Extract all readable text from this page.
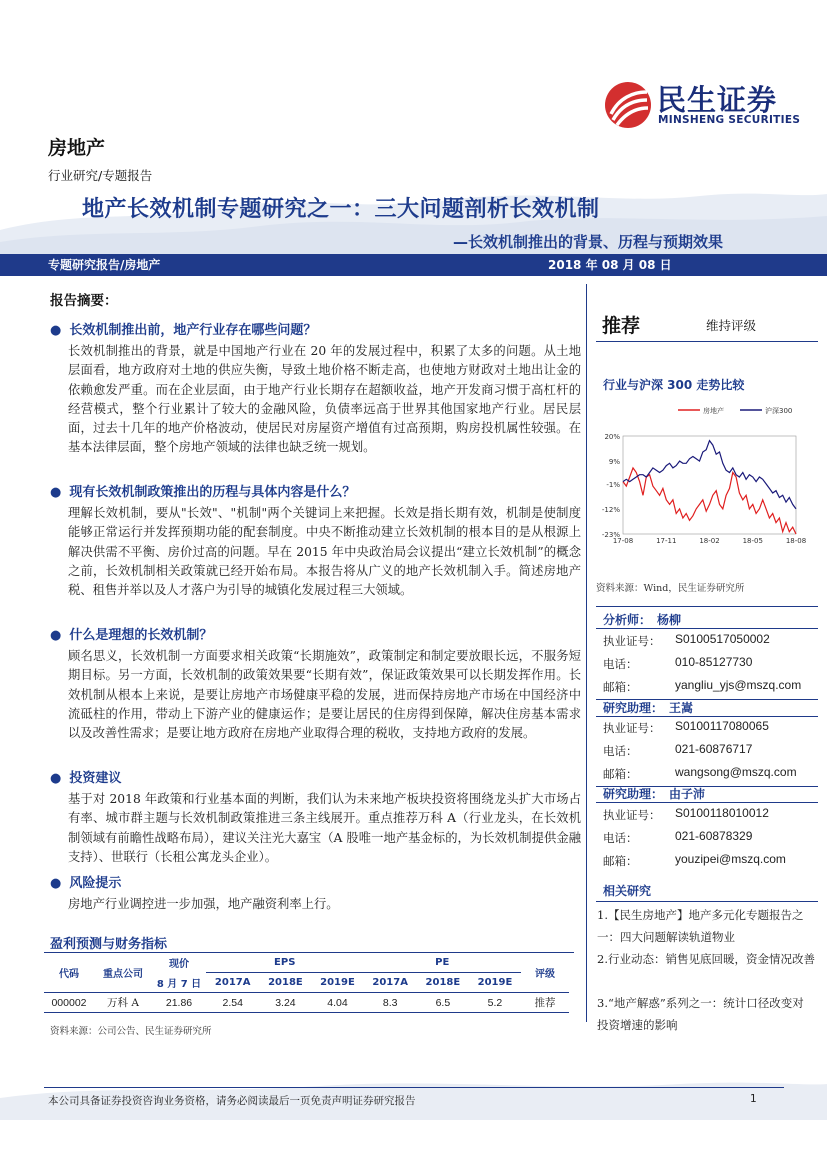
民生证券
MINSHENG SECURITIES
房地产
行业研究/专题报告
地产长效机制专题研究之一：三大问题剖析长效机制
—长效机制推出的背景、历程与预期效果
专题研究报告/房地产	2018 年 08 月 08 日
报告摘要：
● 长效机制推出前，地产行业存在哪些问题？
长效机制推出的背景，就是中国地产行业在 20 年的发展过程中，积累了太多的问题。从土地层面看，地方政府对土地的供应失衡，导致土地价格不断走高，也使地方财政对土地出让金的依赖愈发严重。而在企业层面，由于地产行业长期存在超额收益，地产开发商习惯于高杠杆的经营模式，整个行业累计了较大的金融风险，负债率远高于世界其他国家地产行业。居民层面，过去十几年的地产价格波动，使居民对房屋资产增值有过高预期，购房投机属性较强。在基本法律层面，整个房地产领域的法律也缺乏统一规划。
● 现有长效机制政策推出的历程与具体内容是什么？
理解长效机制，要从"长效"、"机制"两个关键词上来把握。长效是指长期有效，机制是使制度能够正常运行并发挥预期功能的配套制度。中央不断推动建立长效机制的根本目的是从根源上解决供需不平衡、房价过高的问题。早在 2015 年中央政治局会议提出“建立长效机制”的概念之前，长效机制相关政策就已经开始布局。本报告将从广义的地产长效机制入手。简述房地产税、租售并举以及人才落户为引导的城镇化发展过程三大领域。
● 什么是理想的长效机制？
顾名思义，长效机制一方面要求相关政策“长期施效”，政策制定和制定要放眼长远，不服务短期目标。另一方面，长效机制的政策效果要“长期有效”，保证政策效果可以长期发挥作用。长效机制从根本上来说，是要让房地产市场健康平稳的发展，进而保持房地产市场在中国经济中流砥柱的作用，带动上下游产业的健康运作；是要让居民的住房得到保障，解决住房基本需求以及改善性需求；是要让地方政府在房地产业取得合理的税收，支持地方政府的发展。
● 投资建议
基于对 2018 年政策和行业基本面的判断，我们认为未来地产板块投资将围绕龙头扩大市场占有率、城市群主题与长效机制政策推进三条主线展开。重点推荐万科 A（行业龙头，在长效机制领域有前瞻性战略布局），建议关注光大嘉宝（A 股唯一地产基金标的，为长效机制提供金融支持）、世联行（长租公寓龙头企业）。
● 风险提示
房地产行业调控进一步加强，地产融资利率上行。
推荐	维持评级
行业与沪深 300 走势比较
20%
9%
-1%
-12%
-23%
17-08	17-11	18-02	18-05	18-08
房地产	沪深300
资料来源：Wind，民生证券研究所
分析师： 杨柳
执业证号： S0100517050002
电话：	010-85127730
邮箱：	yangliu_yjs@mszq.com
研究助理： 王嵩
执业证号： S0100117080065
电话：	021-60876717
邮箱：	wangsong@mszq.com
研究助理： 由子沛
执业证号： S0100118010012
电话：	021-60878329
邮箱：	youzipei@mszq.com
相关研究
1.【民生房地产】地产多元化专题报告之一：四大问题解读轨道物业
2.行业动态：销售见底回暖，资金情况改善
3.“地产解惑”系列之一：统计口径改变对投资增速的影响
盈利预测与财务指标
代码	重点公司	现价	EPS			PE			评级
		8 月 7 日	2017A	2018E	2019E	2017A	2018E	2019E	
000002	万科 A	21.86	2.54	3.24	4.04	8.3	6.5	5.2	推荐
资料来源：公司公告、民生证券研究所
本公司具备证券投资咨询业务资格，请务必阅读最后一页免责声明证券研究报告	1
